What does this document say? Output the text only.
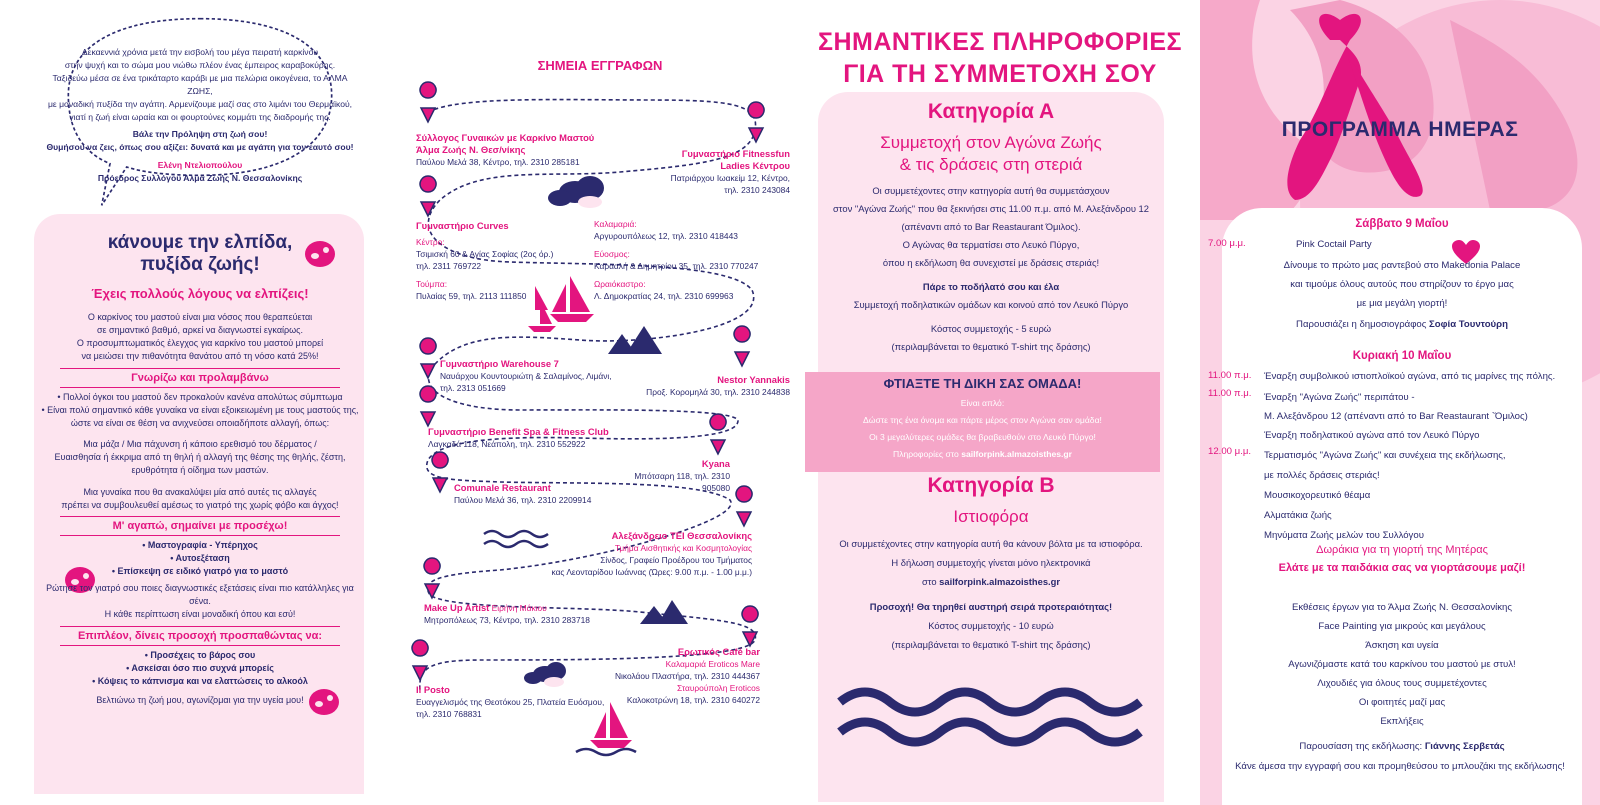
Δεκαεννιά χρόνια μετά την εισβολή του μέγα πειρατή καρκίνου
στην ψυχή και το σώμα μου νιώθω πλέον ένας έμπειρος καραβοκύρης.
Ταξιδεύω μέσα σε ένα τρικάταρτο καράβι με μια πελώρια οικογένεια, το ΑΛΜΑ ΖΩΗΣ,
με μοναδική πυξίδα την αγάπη. Αρμενίζουμε μαζί σας στο λιμάνι του Θερμαϊκού,
γιατί η ζωή είναι ωραία και οι φουρτούνες κομμάτι της διαδρομής της.
Βάλε την Πρόληψη στη ζωή σου!
Θυμήσου να ζεις, όπως σου αξίζει: δυνατά και με αγάπη για τον εαυτό σου!
Ελένη Ντελιοπούλου
Πρόεδρος Συλλόγου Άλμα Ζωής Ν. Θεσσαλονίκης
κάνουμε την ελπίδα,
πυξίδα ζωής!
Έχεις πολλούς λόγους να ελπίζεις!
Ο καρκίνος του μαστού είναι μια νόσος που θεραπεύεται
σε σημαντικό βαθμό, αρκεί να διαγνωστεί εγκαίρως.
Ο προσυμπτωματικός έλεγχος για καρκίνο του μαστού μπορεί
να μειώσει την πιθανότητα θανάτου από τη νόσο κατά 25%!
Γνωρίζω και προλαμβάνω
• Πολλοί όγκοι του μαστού δεν προκαλούν κανένα απολύτως σύμπτωμα
• Είναι πολύ σημαντικό κάθε γυναίκα να είναι εξοικειωμένη με τους μαστούς της,
ώστε να είναι σε θέση να ανιχνεύσει οποιαδήποτε αλλαγή, όπως:
Μια μάζα / Μια πάχυνση ή κάποιο ερεθισμό του δέρματος /
Ευαισθησία ή έκκριμα από τη θηλή ή αλλαγή της θέσης της θηλής, ζέστη,
ερυθρότητα ή οίδημα των μαστών.
Μια γυναίκα που θα ανακαλύψει μία από αυτές τις αλλαγές
πρέπει να συμβουλευθεί αμέσως το γιατρό της χωρίς φόβο και άγχος!
Μ' αγαπώ, σημαίνει με προσέχω!
• Μαστογραφία - Υπέρηχος
• Αυτοεξέταση
• Επίσκεψη σε ειδικό γιατρό για το μαστό
Ρώτησε τον γιατρό σου ποιες διαγνωστικές εξετάσεις είναι πιο κατάλληλες για σένα.
Η κάθε περίπτωση είναι μοναδική όπου και εσύ!
Επιπλέον, δίνεις προσοχή προσπαθώντας να:
• Προσέχεις το βάρος σου
• Ασκείσαι όσο πιο συχνά μπορείς
• Κόψεις το κάπνισμα και να ελαττώσεις το αλκοόλ
Βελτιώνω τη ζωή μου, αγωνίζομαι για την υγεία μου!
ΣΗΜΕΙΑ ΕΓΓΡΑΦΩΝ
Σύλλογος Γυναικών με Καρκίνο Μαστού
Άλμα Ζωής Ν. Θεσ/νίκης
Παύλου Μελά 38, Κέντρο, τηλ. 2310 285181
Γυμναστήριο Fitnessfun
Ladies Κέντρου
Πατριάρχου Ιωακείμ 12, Κέντρο,
τηλ. 2310 243084
Γυμναστήριο Curves
Κέντρο:
Τσιμισκή 60 & Αγίας Σοφίας (2ος όρ.)
τηλ. 2311 769722
Τούμπα:
Πυλαίας 59, τηλ. 2113 111850
Καλαμαριά:
Αργυρουπόλεως 12, τηλ. 2310 418443
Εύοσμος:
Καρααλή & Δημητρίου 35, τηλ. 2310 770247
Ωραιόκαστρο:
Λ. Δημοκρατίας 24, τηλ. 2310 699963
Γυμναστήριο Warehouse 7
Ναυάρχου Κουντουριώτη & Σαλαμίνος, Λιμάνι,
τηλ. 2313 051669
Nestor Yannakis
Προξ. Κορομηλά 30, τηλ. 2310 244838
Γυμναστήριο Benefit Spa & Fitness Club
Λαγκαδά 118, Νεάπολη, τηλ. 2310 552922
Kyana
Μπότσαρη 118, τηλ. 2310 905080
Comunale Restaurant
Παύλου Μελά 36, τηλ. 2310 2209914
Αλεξάνδρειο ΤΕΙ Θεσσαλονίκης
Τμήμα Αισθητικής και Κοσμητολογίας
Σίνδος, Γραφείο Προέδρου του Τμήματος
κας Λεονταρίδου Ιωάννας (Ώρες: 9.00 π.μ. - 1.00 μ.μ.)
Make Up Artist Ειρήνη Μάκιου
Μητροπόλεως 73, Κέντρο, τηλ. 2310 283718
Ερωτικός Café bar
Καλαμαριά Eroticos Mare
Νικολάου Πλαστήρα, τηλ. 2310 444367
Σταυρούπολη Eroticos
Καλοκοτρώνη 18, τηλ. 2310 640272
Il Posto
Ευαγγελισμός της Θεοτόκου 25, Πλατεία Ευόσμου,
τηλ. 2310 768831
ΣΗΜΑΝΤΙΚΕΣ ΠΛΗΡΟΦΟΡΙΕΣ
ΓΙΑ ΤΗ ΣΥΜΜΕΤΟΧΗ ΣΟΥ
Κατηγορία Α
Συμμετοχή στον Αγώνα Ζωής
& τις δράσεις στη στεριά
Οι συμμετέχοντες στην κατηγορία αυτή θα συμμετάσχουν
στον "Αγώνα Ζωής" που θα ξεκινήσει στις 11.00 π.μ. από Μ. Αλεξάνδρου 12
(απέναντι από το Bar Reastaurant Όμιλος).
Ο Αγώνας θα τερματίσει στο Λευκό Πύργο,
όπου η εκδήλωση θα συνεχιστεί με δράσεις στεριάς!
Πάρε το ποδήλατό σου και έλα
Συμμετοχή ποδηλατικών ομάδων και κοινού από τον Λευκό Πύργο
Κόστος συμμετοχής - 5 ευρώ
(περιλαμβάνεται το θεματικό T-shirt της δράσης)
ΦΤΙΑΞΤΕ ΤΗ ΔΙΚΗ ΣΑΣ ΟΜΑΔΑ!
Είναι απλό:
Δώστε της ένα όνομα και πάρτε μέρος στον Αγώνα σαν ομάδα!
Οι 3 μεγαλύτερες ομάδες θα βραβευθούν στο Λευκό Πύργο!
Πληροφορίες στο sailforpink.almazoisthes.gr
Κατηγορία Β
Ιστιοφόρα
Οι συμμετέχοντες στην κατηγορία αυτή θα κάνουν βόλτα με τα ιστιοφόρα.
Η δήλωση συμμετοχής γίνεται μόνο ηλεκτρονικά
στο sailforpink.almazoisthes.gr
Προσοχή! Θα τηρηθεί αυστηρή σειρά προτεραιότητας!
Κόστος συμμετοχής - 10 ευρώ
(περιλαμβάνεται το θεματικό T-shirt της δράσης)
ΠΡΟΓΡΑΜΜΑ ΗΜΕΡΑΣ
Σάββατο 9 Μαΐου
7.00 μ.μ.	Pink Coctail Party
Δίνουμε το πρώτο μας ραντεβού στο Makedonia Palace
και τιμούμε όλους αυτούς που στηρίζουν το έργο μας
με μια μεγάλη γιορτή!
Παρουσιάζει η δημοσιογράφος Σοφία Τουντούρη
Κυριακή 10 Μαΐου
11.00 π.μ. Έναρξη συμβολικού ιστιοπλοϊκού αγώνα, από τις μαρίνες της πόλης.
11.00 π.μ. Έναρξη "Αγώνα Ζωής" περιπάτου -
Μ. Αλεξάνδρου 12 (απέναντι από το Bar Reastaurant `Όμιλος)
Έναρξη ποδηλατικού αγώνα από τον Λευκό Πύργο
12.00 μ.μ. Τερματισμός "Αγώνα Ζωής" και συνέχεια της εκδήλωσης,
με πολλές δράσεις στεριάς!
Μουσικοχορευτικό θέαμα
Αλματάκια ζωής
Μηνύματα Ζωής μελών του Συλλόγου
Δωράκια για τη γιορτή της Μητέρας
Ελάτε με τα παιδάκια σας να γιορτάσουμε μαζί!
Εκθέσεις έργων για το Άλμα Ζωής Ν. Θεσσαλονίκης
Face Painting για μικρούς και μεγάλους
Άσκηση και υγεία
Αγωνιζόμαστε κατά του καρκίνου του μαστού με στυλ!
Λιχουδιές για όλους τους συμμετέχοντες
Οι φοιτητές μαζί μας
Εκπλήξεις
Παρουσίαση της εκδήλωσης: Γιάννης Σερβετάς
Κάνε άμεσα την εγγραφή σου και προμηθεύσου το μπλουζάκι της εκδήλωσης!
